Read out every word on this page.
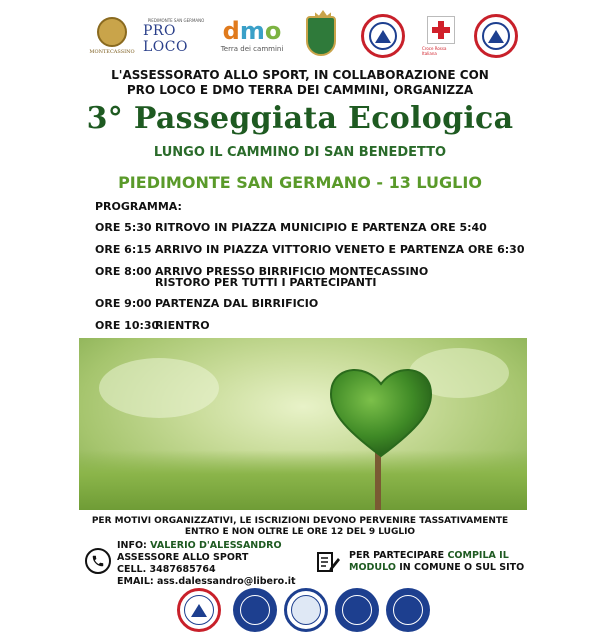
MONTECASSINO
PIEDIMONTE SAN GERMANO
PRO LOCO
dmo
Terra dei cammini	Croce Rossa Italiana
L'ASSESSORATO ALLO SPORT, IN COLLABORAZIONE CON
PRO LOCO E DMO TERRA DEI CAMMINI, ORGANIZZA
3° Passeggiata Ecologica
LUNGO IL CAMMINO DI SAN BENEDETTO
PIEDIMONTE SAN GERMANO - 13 LUGLIO
PROGRAMMA:
ORE 5:30 RITROVO IN PIAZZA MUNICIPIO E PARTENZA ORE 5:40
ORE 6:15 ARRIVO IN PIAZZA VITTORIO VENETO E PARTENZA ORE 6:30
ORE 8:00 ARRIVO PRESSO BIRRIFICIO MONTECASSINO
RISTORO PER TUTTI I PARTECIPANTI
ORE 9:00 PARTENZA DAL BIRRIFICIO
ORE 10:30RIENTRO
PER MOTIVI ORGANIZZATIVI, LE ISCRIZIONI DEVONO PERVENIRE TASSATIVAMENTE
ENTRO E NON OLTRE LE ORE 12 DEL 9 LUGLIO
INFO: VALERIO D'ALESSANDRO
ASSESSORE ALLO SPORT
CELL. 3487685764
EMAIL: ass.dalessandro@libero.it
PER PARTECIPARE COMPILA IL
MODULO IN COMUNE O SUL SITO
